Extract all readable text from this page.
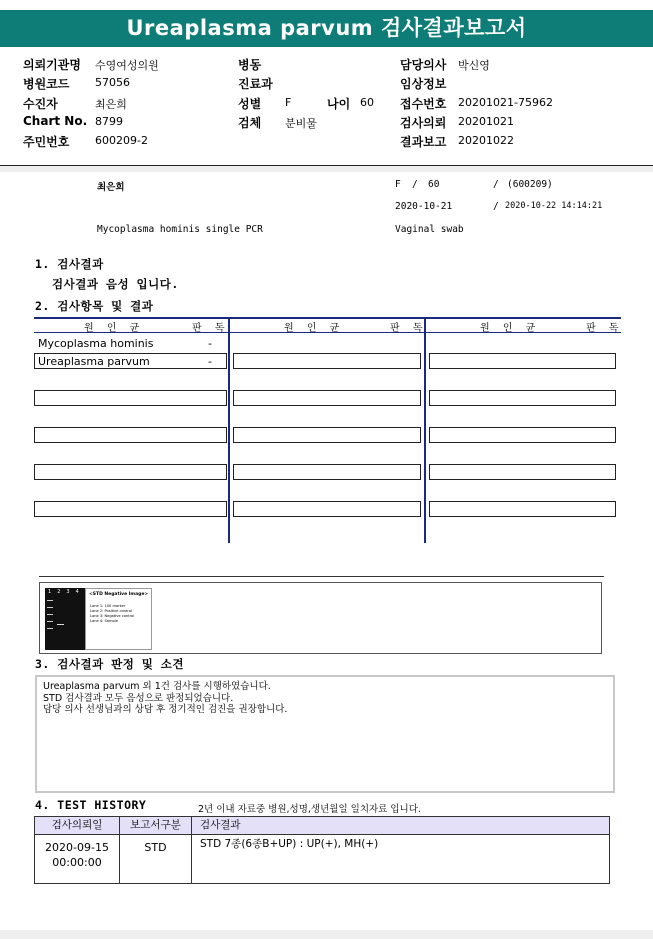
Ureaplasma parvum 검사결과보고서
의뢰기관명 수영여성의원
병원코드 57056
수진자	최은희
Chart No. 8799
주민번호 600209-2
병동
진료과
성별 F	나이 60
검체 분비물
담당의사 박신영
임상정보
접수번호 20201021-75962
검사의뢰 20201021
결과보고 20201022
최은희	F / 60	/ (600209)
2020-10-21	/ 2020-10-22 14:14:21
Mycoplasma hominis single PCR	Vaginal swab
1. 검사결과
검사결과 음성 입니다.
2. 검사항목 및 결과
원 인 균	판 독	원 인 균	판 독	원 인 균	판 독
Mycoplasma hominis	-
Ureaplasma parvum	-
1234 <STD Negative Image>
Lane 1: 100 marker
Lane 2: Positive control
Lane 3: Negative control
Lane 4: Sample
3. 검사결과 판정 및 소견
Ureaplasma parvum 외 1건 검사를 시행하였습니다.
STD 검사결과 모두 음성으로 판정되었습니다.
담당 의사 선생님과의 상담 후 정기적인 검진을 권장합니다.
4. TEST HISTORY	2년 이내 자료중 병원,성명,생년월일 일치자료 입니다.
검사의뢰일	보고서구분	검사결과
2020-09-15
00:00:00
STD	STD 7종(6종B+UP) : UP(+), MH(+)
